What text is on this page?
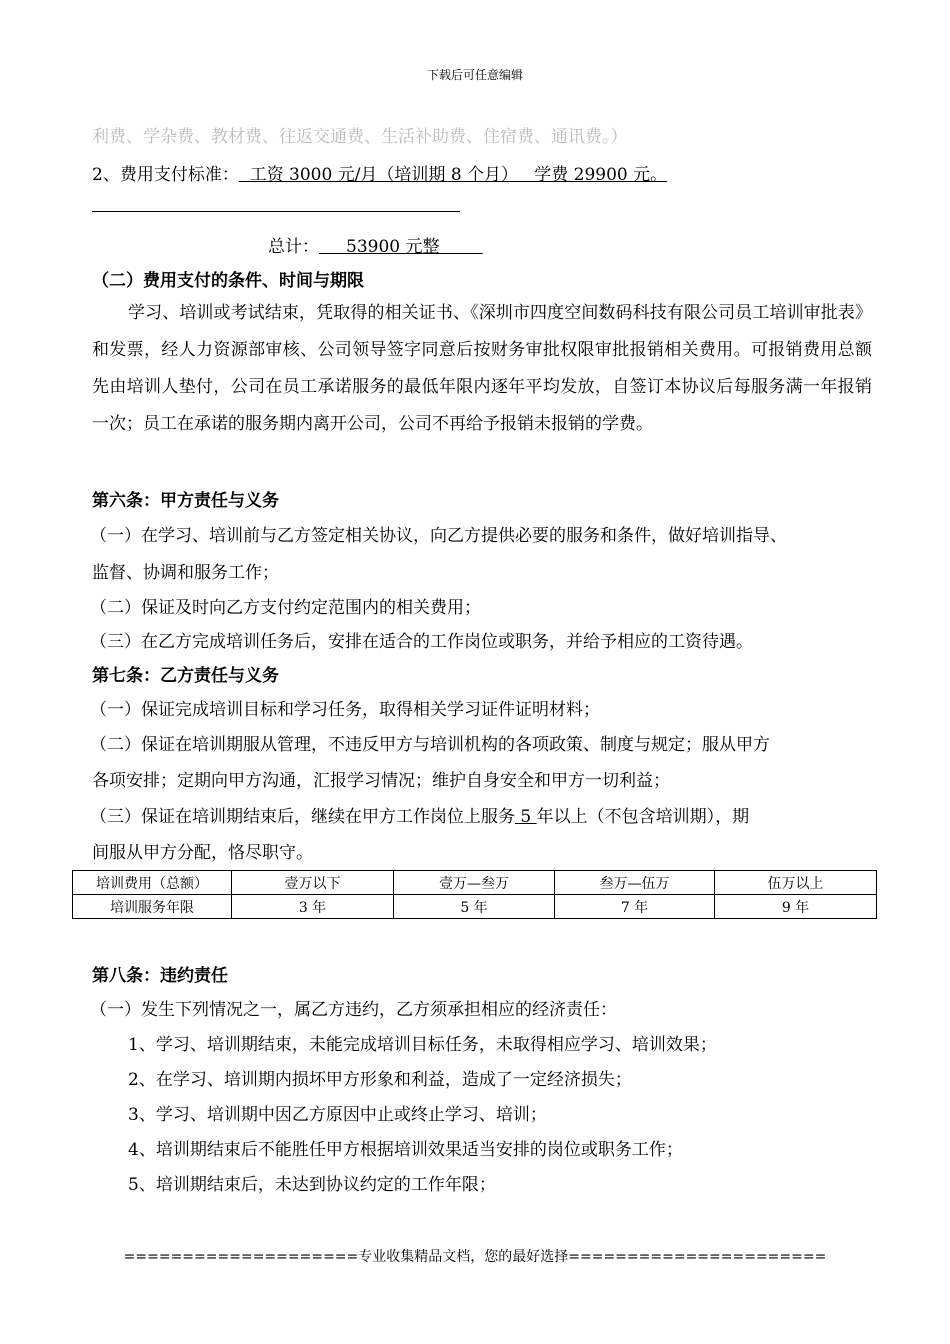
下载后可任意编辑
利费、学杂费、教材费、往返交通费、生活补助费、住宿费、通讯费。）
2、费用支付标准：  工资 3000 元/月（培训期 8 个月）   学费 29900 元。
总计：     53900 元整
（二）费用支付的条件、时间与期限
学习、培训或考试结束，凭取得的相关证书、《深圳市四度空间数码科技有限公司员工培训审批表》和发票，经人力资源部审核、公司领导签字同意后按财务审批权限审批报销相关费用。可报销费用总额先由培训人垫付，公司在员工承诺服务的最低年限内逐年平均发放，自签订本协议后每服务满一年报销一次；员工在承诺的服务期内离开公司，公司不再给予报销未报销的学费。
第六条：甲方责任与义务
（一）在学习、培训前与乙方签定相关协议，向乙方提供必要的服务和条件，做好培训指导、
监督、协调和服务工作；
（二）保证及时向乙方支付约定范围内的相关费用；
（三）在乙方完成培训任务后，安排在适合的工作岗位或职务，并给予相应的工资待遇。
第七条：乙方责任与义务
（一）保证完成培训目标和学习任务，取得相关学习证件证明材料；
（二）保证在培训期服从管理，不违反甲方与培训机构的各项政策、制度与规定；服从甲方
各项安排；定期向甲方沟通，汇报学习情况；维护自身安全和甲方一切利益；
（三）保证在培训期结束后，继续在甲方工作岗位上服务 5 年以上（不包含培训期），期
间服从甲方分配，恪尽职守。
培训费用（总额）	壹万以下	壹万—叁万	叁万—伍万	伍万以上
培训服务年限	3 年	5 年	7 年	9 年
第八条：违约责任
（一）发生下列情况之一，属乙方违约，乙方须承担相应的经济责任：
1、学习、培训期结束，未能完成培训目标任务，未取得相应学习、培训效果；
2、在学习、培训期内损坏甲方形象和利益，造成了一定经济损失；
3、学习、培训期中因乙方原因中止或终止学习、培训；
4、培训期结束后不能胜任甲方根据培训效果适当安排的岗位或职务工作；
5、培训期结束后，未达到协议约定的工作年限；
====================专业收集精品文档，您的最好选择======================
